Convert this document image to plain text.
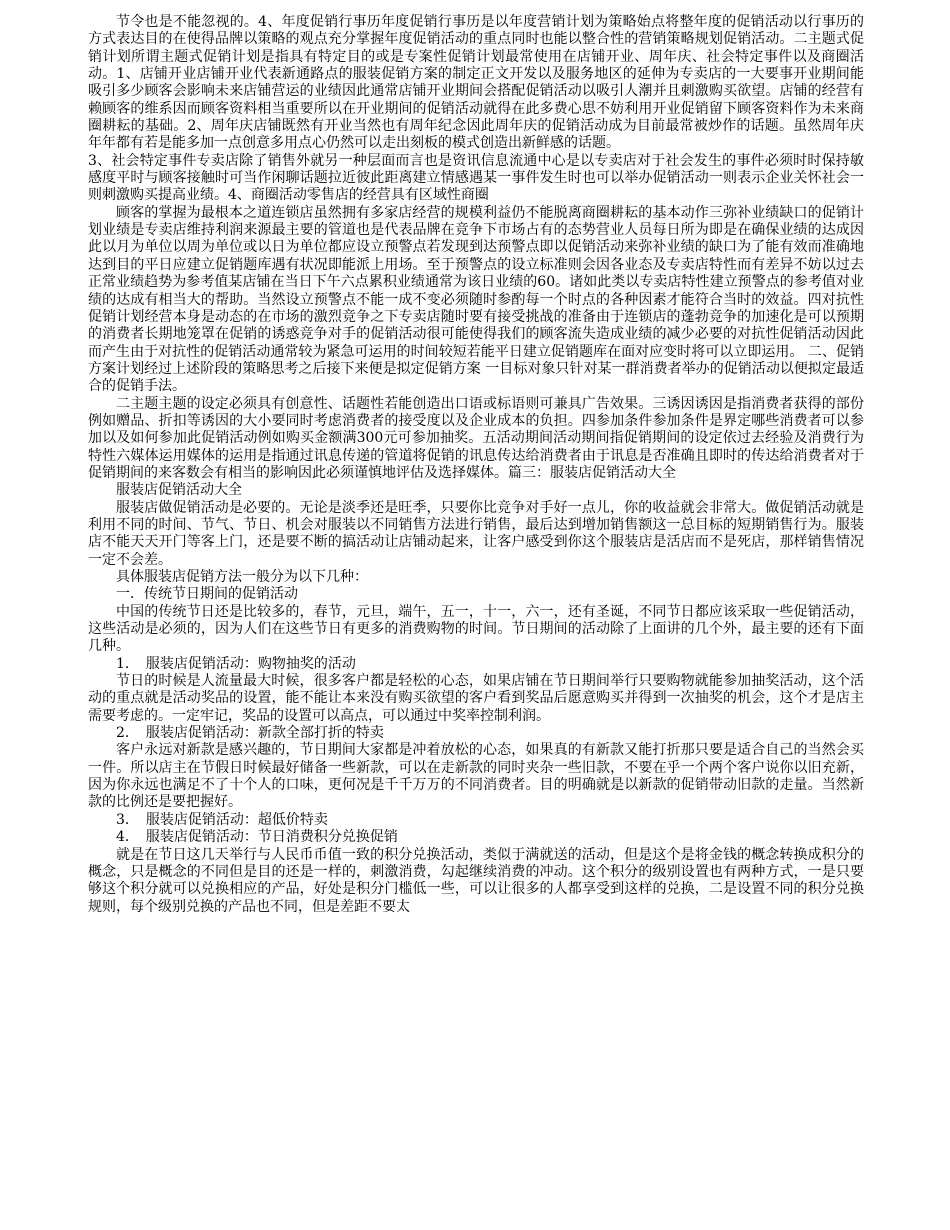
节令也是不能忽视的。4、年度促销行事历年度促销行事历是以年度营销计划为策略始点将整年度的促销活动以行事历的方式表达目的在使得品牌以策略的观点充分掌握年度促销活动的重点同时也能以整合性的营销策略规划促销活动。二主题式促销计划所谓主题式促销计划是指具有特定目的或是专案性促销计划最常使用在店铺开业、周年庆、社会特定事件以及商圈活动。1、店铺开业店铺开业代表新通路点的服装促销方案的制定正文开发以及服务地区的延伸为专卖店的一大要事开业期间能吸引多少顾客会影响未来店铺营运的业绩因此通常店铺开业期间会搭配促销活动以吸引人潮并且刺激购买欲望。店铺的经营有赖顾客的维系因而顾客资料相当重要所以在开业期间的促销活动就得在此多费心思不妨利用开业促销留下顾客资料作为未来商圈耕耘的基础。2、周年庆店铺既然有开业当然也有周年纪念因此周年庆的促销活动成为目前最常被炒作的话题。虽然周年庆年年都有若是能多加一点创意多用点心仍然可以走出刻板的模式创造出新鲜感的话题。

3、社会特定事件专卖店除了销售外就另一种层面而言也是资讯信息流通中心是以专卖店对于社会发生的事件必须时时保持敏感度平时与顾客接触时可当作闲聊话题拉近彼此距离建立情感遇某一事件发生时也可以举办促销活动一则表示企业关怀社会一则刺激购买提高业绩。4、商圈活动零售店的经营具有区域性商圈

顾客的掌握为最根本之道连锁店虽然拥有多家店经营的规模利益仍不能脱离商圈耕耘的基本动作三弥补业绩缺口的促销计划业绩是专卖店维持利润来源最主要的管道也是代表品牌在竞争下市场占有的态势营业人员每日所为即是在确保业绩的达成因此以月为单位以周为单位或以日为单位都应设立预警点若发现到达预警点即以促销活动来弥补业绩的缺口为了能有效而准确地达到目的平日应建立促销题库遇有状况即能派上用场。至于预警点的设立标准则会因各业态及专卖店特性而有差异不妨以过去正常业绩趋势为参考值某店铺在当日下午六点累积业绩通常为该日业绩的60。诸如此类以专卖店特性建立预警点的参考值对业绩的达成有相当大的帮助。当然设立预警点不能一成不变必须随时参酌每一个时点的各种因素才能符合当时的效益。四对抗性促销计划经营本身是动态的在市场的激烈竞争之下专卖店随时要有接受挑战的准备由于连锁店的蓬勃竞争的加速化是可以预期的消费者长期地笼罩在促销的诱惑竞争对手的促销活动很可能使得我们的顾客流失造成业绩的减少必要的对抗性促销活动因此而产生由于对抗性的促销活动通常较为紧急可运用的时间较短若能平日建立促销题库在面对应变时将可以立即运用。 二、促销方案计划经过上述阶段的策略思考之后接下来便是拟定促销方案 一目标对象只针对某一群消费者举办的促销活动以便拟定最适合的促销手法。

二主题主题的设定必须具有创意性、话题性若能创造出口语或标语则可兼具广告效果。三诱因诱因是指消费者获得的部份例如赠品、折扣等诱因的大小要同时考虑消费者的接受度以及企业成本的负担。四参加条件参加条件是界定哪些消费者可以参加以及如何参加此促销活动例如购买金额满300元可参加抽奖。五活动期间活动期间指促销期间的设定依过去经验及消费行为特性六媒体运用媒体的运用是指通过讯息传递的管道将促销的讯息传达给消费者由于讯息是否准确且即时的传达给消费者对于促销期间的来客数会有相当的影响因此必须谨慎地评估及选择媒体。篇三：服装店促销活动大全

服装店促销活动大全

服装店做促销活动是必要的。无论是淡季还是旺季，只要你比竞争对手好一点儿，你的收益就会非常大。做促销活动就是利用不同的时间、节气、节日、机会对服装以不同销售方法进行销售，最后达到增加销售额这一总目标的短期销售行为。服装店不能天天开门等客上门，还是要不断的搞活动让店铺动起来，让客户感受到你这个服装店是活店而不是死店，那样销售情况一定不会差。

具体服装店促销方法一般分为以下几种：

一．传统节日期间的促销活动

中国的传统节日还是比较多的，春节，元旦，端午，五一，十一，六一，还有圣诞，不同节日都应该采取一些促销活动，这些活动是必须的，因为人们在这些节日有更多的消费购物的时间。节日期间的活动除了上面讲的几个外，最主要的还有下面几种。

1．　服装店促销活动：购物抽奖的活动

节日的时候是人流量最大时候，很多客户都是轻松的心态，如果店铺在节日期间举行只要购物就能参加抽奖活动，这个活动的重点就是活动奖品的设置，能不能让本来没有购买欲望的客户看到奖品后愿意购买并得到一次抽奖的机会，这个才是店主需要考虑的。一定牢记，奖品的设置可以高点，可以通过中奖率控制利润。

2．　服装店促销活动：新款全部打折的特卖

客户永远对新款是感兴趣的，节日期间大家都是冲着放松的心态，如果真的有新款又能打折那只要是适合自己的当然会买一件。所以店主在节假日时候最好储备一些新款，可以在走新款的同时夹杂一些旧款，不要在乎一个两个客户说你以旧充新，因为你永远也满足不了十个人的口味，更何况是千千万万的不同消费者。目的明确就是以新款的促销带动旧款的走量。当然新款的比例还是要把握好。

3．　服装店促销活动：超低价特卖

4．　服装店促销活动：节日消费积分兑换促销

就是在节日这几天举行与人民币币值一致的积分兑换活动，类似于满就送的活动，但是这个是将金钱的概念转换成积分的概念，只是概念的不同但是目的还是一样的，刺激消费，勾起继续消费的冲动。这个积分的级别设置也有两种方式，一是只要够这个积分就可以兑换相应的产品，好处是积分门槛低一些，可以让很多的人都享受到这样的兑换，二是设置不同的积分兑换规则，每个级别兑换的产品也不同，但是差距不要太
